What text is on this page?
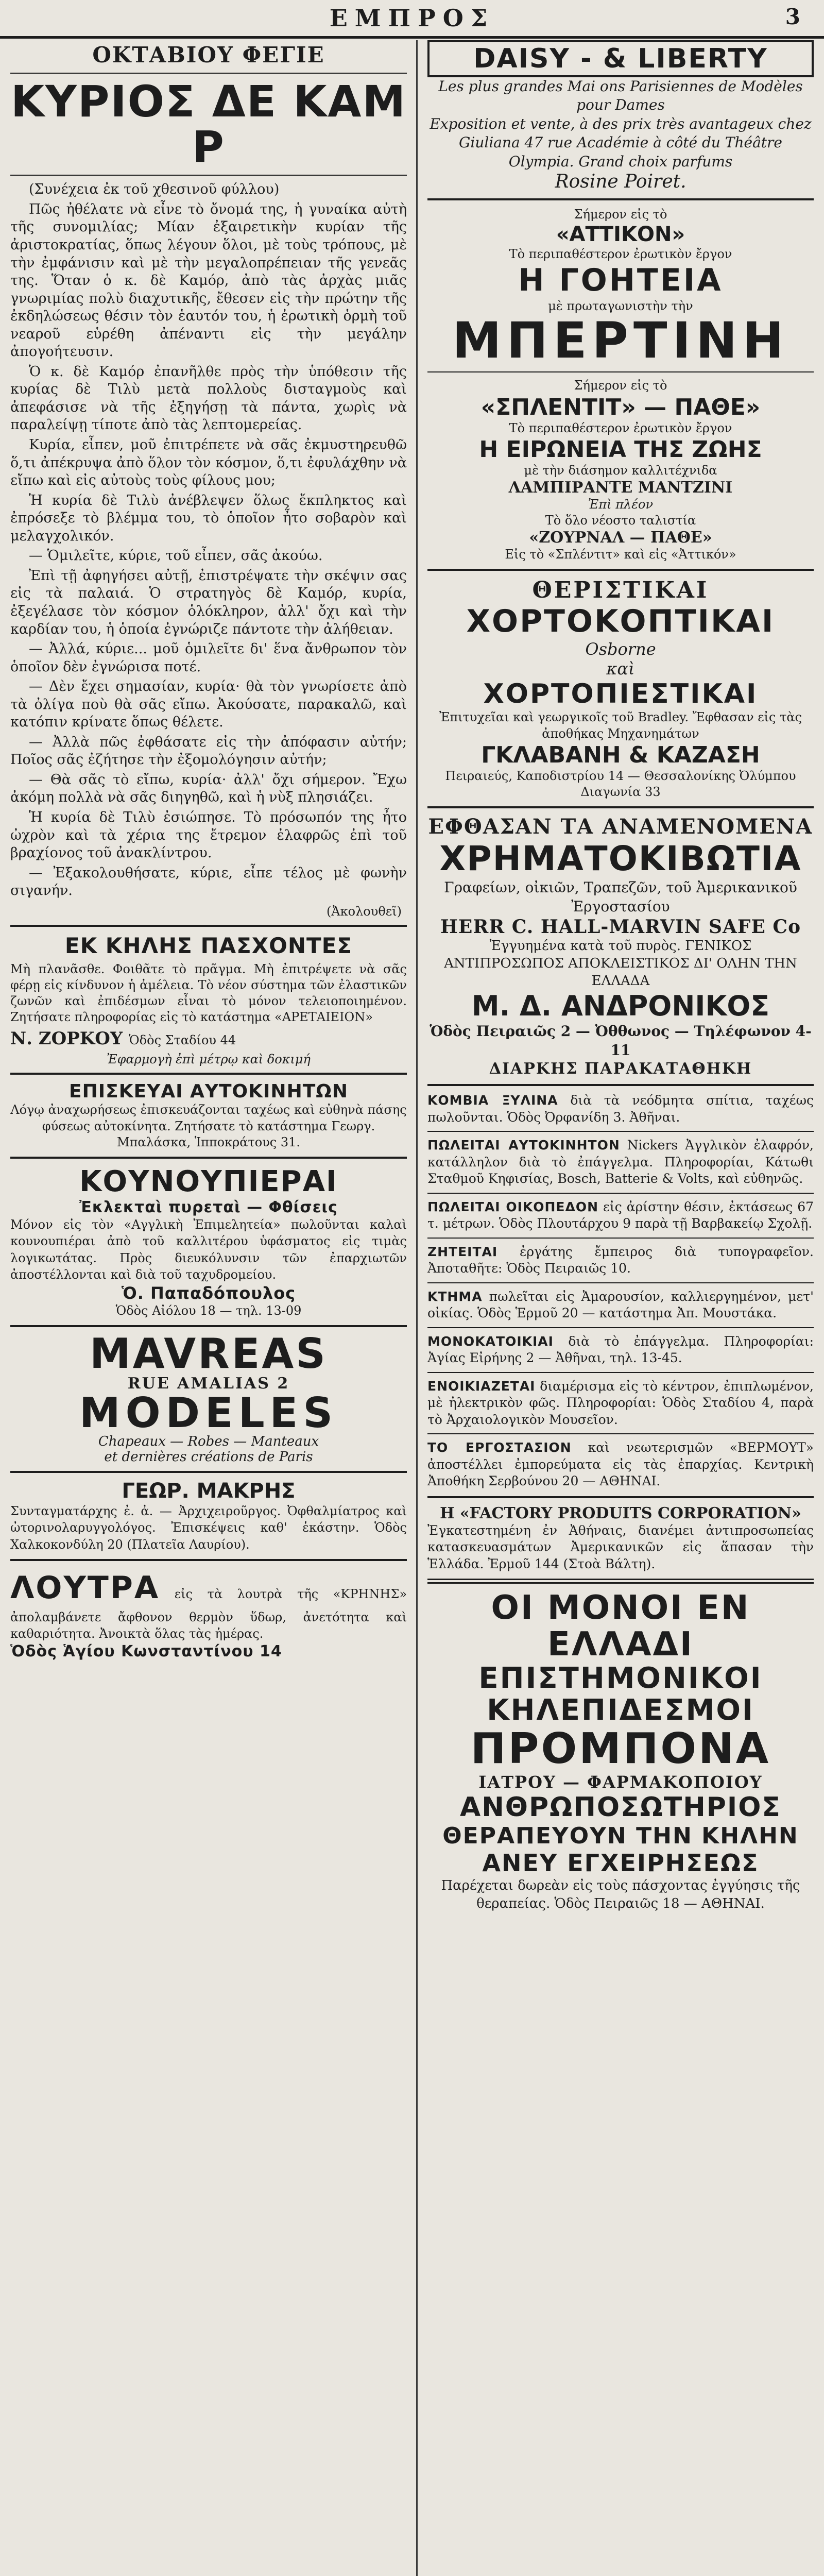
ΕΜΠΡΟΣ	3

ΟΚΤΑΒΙΟΥ ΦΕΓΙΕ

ΚΥΡΙΟΣ ΔΕ ΚΑΜ Ρ

(Συνέχεια ἐκ τοῦ χθεσινοῦ φύλλου)

Πῶς ἠθέλατε νὰ εἶνε τὸ ὄνομά της, ἡ γυναίκα αὐτὴ τῆς συνομιλίας; Μίαν ἐξαιρετικὴν κυρίαν τῆς ἀριστοκρατίας, ὅπως λέγουν ὅλοι, μὲ τοὺς τρόπους, μὲ τὴν ἐμφάνισιν καὶ μὲ τὴν μεγαλοπρέπειαν τῆς γενεᾶς της. Ὅταν ὁ κ. δὲ Καμόρ, ἀπὸ τὰς ἀρχὰς μιᾶς γνωριμίας πολὺ διαχυτικῆς, ἔθεσεν εἰς τὴν πρώτην τῆς ἐκδηλώσεως θέσιν τὸν ἑαυτόν του, ἡ ἐρωτικὴ ὁρμὴ τοῦ νεαροῦ εὑρέθη ἀπέναντι εἰς τὴν μεγάλην ἀπογοήτευσιν.

Ὁ κ. δὲ Καμόρ ἐπανῆλθε πρὸς τὴν ὑπόθεσιν τῆς κυρίας δὲ Τιλὺ μετὰ πολλοὺς δισταγμοὺς καὶ ἀπεφάσισε νὰ τῆς ἐξηγήσῃ τὰ πάντα, χωρὶς νὰ παραλείψῃ τίποτε ἀπὸ τὰς λεπτομερείας.

Κυρία, εἶπεν, μοῦ ἐπιτρέπετε νὰ σᾶς ἐκμυστηρευθῶ ὅ,τι ἀπέκρυψα ἀπὸ ὅλον τὸν κόσμον, ὅ,τι ἐφυλάχθην νὰ εἴπω καὶ εἰς αὐτοὺς τοὺς φίλους μου;

Ἡ κυρία δὲ Τιλὺ ἀνέβλεψεν ὅλως ἔκπληκτος καὶ ἐπρόσεξε τὸ βλέμμα του, τὸ ὁποῖον ἦτο σοβαρὸν καὶ μελαγχολικόν.

— Ὁμιλεῖτε, κύριε, τοῦ εἶπεν, σᾶς ἀκούω.

Ἐπὶ τῇ ἀφηγήσει αὐτῇ, ἐπιστρέψατε τὴν σκέψιν σας εἰς τὰ παλαιά. Ὁ στρατηγὸς δὲ Καμόρ, κυρία, ἐξεγέλασε τὸν κόσμον ὁλόκληρον, ἀλλ' ὄχι καὶ τὴν καρδίαν του, ἡ ὁποία ἐγνώριζε πάντοτε τὴν ἀλήθειαν.

— Ἀλλά, κύριε... μοῦ ὁμιλεῖτε δι' ἕνα ἄνθρωπον τὸν ὁποῖον δὲν ἐγνώρισα ποτέ.

— Δὲν ἔχει σημασίαν, κυρία· θὰ τὸν γνωρίσετε ἀπὸ τὰ ὀλίγα ποὺ θὰ σᾶς εἴπω. Ἀκούσατε, παρακαλῶ, καὶ κατόπιν κρίνατε ὅπως θέλετε.

— Ἀλλὰ πῶς ἐφθάσατε εἰς τὴν ἀπόφασιν αὐτήν; Ποῖος σᾶς ἐζήτησε τὴν ἐξομολόγησιν αὐτήν;

— Θὰ σᾶς τὸ εἴπω, κυρία· ἀλλ' ὄχι σήμερον. Ἔχω ἀκόμη πολλὰ νὰ σᾶς διηγηθῶ, καὶ ἡ νὺξ πλησιάζει.

Ἡ κυρία δὲ Τιλὺ ἐσιώπησε. Τὸ πρόσωπόν της ἦτο ὠχρὸν καὶ τὰ χέρια της ἔτρεμον ἐλαφρῶς ἐπὶ τοῦ βραχίονος τοῦ ἀνακλίντρου.

— Ἐξακολουθήσατε, κύριε, εἶπε τέλος μὲ φωνὴν σιγανήν.

(Ἀκολουθεῖ)

ΕΚ ΚΗΛΗΣ ΠΑΣΧΟΝΤΕΣ

Μὴ πλανᾶσθε. Φοιθᾶτε τὸ πρᾶγμα. Μὴ ἐπιτρέψετε νὰ σᾶς φέρῃ εἰς κίνδυνον ἡ ἀμέλεια. Τὸ νέον σύστημα τῶν ἐλαστικῶν ζωνῶν καὶ ἐπιδέσμων εἶναι τὸ μόνον τελειοποιημένον. Ζητήσατε πληροφορίας εἰς τὸ κατάστημα «ΑΡΕΤΑΙΕΙΟΝ»

Ν. ΖΟΡΚΟΥ Ὁδὸς Σταδίου 44

Ἐφαρμογὴ ἐπὶ μέτρῳ καὶ δοκιμή

ΕΠΙΣΚΕΥΑΙ ΑΥΤΟΚΙΝΗΤΩΝ

Λόγῳ ἀναχωρήσεως ἐπισκευάζονται ταχέως καὶ εὐθηνὰ πάσης φύσεως αὐτοκίνητα. Ζητήσατε τὸ κατάστημα Γεωργ. Μπαλάσκα, Ἱπποκράτους 31.

ΚΟΥΝΟΥΠΙΕΡΑΙ

Ἐκλεκταὶ πυρεταὶ — Φθίσεις

Μόνον εἰς τὸν «Αγγλικὴ Ἐπιμελητεία» πωλοῦνται καλαὶ κουνουπιέραι ἀπὸ τοῦ καλλιτέρου ὑφάσματος εἰς τιμὰς λογικωτάτας. Πρὸς διευκόλυνσιν τῶν ἐπαρχιωτῶν ἀποστέλλονται καὶ διὰ τοῦ ταχυδρομείου.

Ὁ. Παπαδόπουλος

Ὁδὸς Αἰόλου 18 — τηλ. 13-09

MAVREAS

RUE AMALIAS 2

MODELES

Chapeaux — Robes — Manteaux

et dernières créations de Paris

ΓΕΩΡ. ΜΑΚΡΗΣ

Συνταγματάρχης ἐ. ἀ. — Ἀρχιχειροῦργος. Ὀφθαλμίατρος καὶ ὠτορινολαρυγγολόγος. Ἐπισκέψεις καθ' ἑκάστην. Ὁδὸς Χαλκοκονδύλη 20 (Πλατεῖα Λαυρίου).

ΛΟΥΤΡΑ εἰς τὰ λουτρὰ τῆς «ΚΡΗΝΗΣ» ἀπολαμβάνετε ἄφθονον θερμὸν ὕδωρ, ἀνετότητα καὶ καθαριότητα. Ἀνοικτὰ ὅλας τὰς ἡμέρας.

Ὁδὸς Ἁγίου Κωνσταντίνου 14

DAISY - & LIBERTY

Les plus grandes Mai ons Parisiennes de Modèles pour Dames

Exposition et vente, à des prix très avantageux chez

Giuliana 47 rue Académie à côté du Théâtre Olympia. Grand choix parfums

Rosine Poiret.

Σήμερον εἰς τὸ

«ΑΤΤΙΚΟΝ»

Τὸ περιπαθέστερον ἐρωτικὸν ἔργον

Η ΓΟΗΤΕΙΑ

μὲ πρωταγωνιστὴν τὴν

ΜΠΕΡΤΙΝΗ

Σήμερον εἰς τὸ

«ΣΠΛΕΝΤΙΤ» — ΠΑΘΕ»

Τὸ περιπαθέστερον ἐρωτικὸν ἔργον

Η ΕΙΡΩΝΕΙΑ ΤΗΣ ΖΩΗΣ

μὲ τὴν διάσημον καλλιτέχνιδα

ΛΑΜΠΙΡΑΝΤΕ ΜΑΝΤΖΙΝΙ

Ἐπὶ πλέον

Τὸ ὅλο νέοστο ταλιστία

«ΖΟΥΡΝΑΛ — ΠΑΘΕ»

Εἰς τὸ «Σπλέντιτ» καὶ εἰς «Ἀττικόν»

ΘΕΡΙΣΤΙΚΑΙ

ΧΟΡΤΟΚΟΠΤΙΚΑΙ

Osborne

καὶ

ΧΟΡΤΟΠΙΕΣΤΙΚΑΙ

Ἐπιτυχεῖαι καὶ γεωργικοῖς τοῦ Bradley. Ἔφθασαν εἰς τὰς ἀποθήκας Μηχανημάτων

ΓΚΛΑΒΑΝΗ & ΚΑΖΑΣΗ

Πειραιεύς, Καποδιστρίου 14 — Θεσσαλονίκης Ὀλύμπου Διαγωνία 33

ΕΦΘΑΣΑΝ ΤΑ ΑΝΑΜΕΝΟΜΕΝΑ

ΧΡΗΜΑΤΟΚΙΒΩΤΙΑ

Γραφείων, οἰκιῶν, Τραπεζῶν, τοῦ Ἀμερικανικοῦ Ἐργοστασίου

HERR C. HALL-MARVIN SAFE Co

Ἐγγυημένα κατὰ τοῦ πυρὸς. ΓΕΝΙΚΟΣ ΑΝΤΙΠΡΟΣΩΠΟΣ ΑΠΟΚΛΕΙΣΤΙΚΟΣ ΔΙ' ΟΛΗΝ ΤΗΝ ΕΛΛΑΔΑ

Μ. Δ. ΑΝΔΡΟΝΙΚΟΣ

Ὁδὸς Πειραιῶς 2 — Ὀθθωνος — Τηλέφωνον 4-11

ΔΙΑΡΚΗΣ ΠΑΡΑΚΑΤΑΘΗΚΗ

ΚΟΜΒΙΑ ΞΥΛΙΝΑ διὰ τὰ νεόδμητα σπίτια, ταχέως πωλοῦνται. Ὁδὸς Ὀρφανίδη 3. Ἀθῆναι.

ΠΩΛΕΙΤΑΙ ΑΥΤΟΚΙΝΗΤΟΝ Nickers Ἀγγλικὸν ἐλαφρόν, κατάλληλον διὰ τὸ ἐπάγγελμα. Πληροφορίαι, Κάτωθι Σταθμοῦ Κηφισίας, Bosch, Batterie & Volts, καὶ εὐθηνῶς.

ΠΩΛΕΙΤΑΙ ΟΙΚΟΠΕΔΟΝ εἰς ἀρίστην θέσιν, ἐκτάσεως 67 τ. μέτρων. Ὁδὸς Πλουτάρχου 9 παρὰ τῇ Βαρβακείῳ Σχολῇ.

ΖΗΤΕΙΤΑΙ ἐργάτης ἔμπειρος διὰ τυπογραφεῖον. Ἀποταθῆτε: Ὁδὸς Πειραιῶς 10.

ΚΤΗΜΑ πωλεῖται εἰς Ἀμαρουσίον, καλλιεργημένον, μετ' οἰκίας. Ὁδὸς Ἑρμοῦ 20 — κατάστημα Ἀπ. Μουστάκα.

ΜΟΝΟΚΑΤΟΙΚΙΑΙ διὰ τὸ ἐπάγγελμα. Πληροφορίαι: Ἀγίας Εἰρήνης 2 — Ἀθῆναι, τηλ. 13-45.

ΕΝΟΙΚΙΑΖΕΤΑΙ διαμέρισμα εἰς τὸ κέντρον, ἐπιπλωμένον, μὲ ἠλεκτρικὸν φῶς. Πληροφορίαι: Ὁδὸς Σταδίου 4, παρὰ τὸ Ἀρχαιολογικὸν Μουσεῖον.

ΤΟ ΕΡΓΟΣΤΑΣΙΟΝ καὶ νεωτερισμῶν «ΒΕΡΜΟΥΤ» ἀποστέλλει ἐμπορεύματα εἰς τὰς ἐπαρχίας. Κεντρικὴ Ἀποθήκη Σερβούνου 20 — ΑΘΗΝΑΙ.

Η «FACTORY PRODUITS CORPORATION»

Ἐγκατεστημένη ἐν Ἀθήναις, διανέμει ἀντιπροσωπείας κατασκευασμάτων Ἀμερικανικῶν εἰς ἅπασαν τὴν Ἑλλάδα. Ἐρμοῦ 144 (Στοὰ Βάλτη).

ΟΙ ΜΟΝΟΙ ΕΝ ΕΛΛΑΔΙ

ΕΠΙΣΤΗΜΟΝΙΚΟΙ ΚΗΛΕΠΙΔΕΣΜΟΙ

ΠΡΟΜΠΟΝΑ

ΙΑΤΡΟΥ — ΦΑΡΜΑΚΟΠΟΙΟΥ

ΑΝΘΡΩΠΟΣΩΤΗΡΙΟΣ

ΘΕΡΑΠΕΥΟΥΝ ΤΗΝ ΚΗΛΗΝ

ΑΝΕΥ ΕΓΧΕΙΡΗΣΕΩΣ

Παρέχεται δωρεὰν εἰς τοὺς πάσχοντας ἐγγύησις τῆς θεραπείας. Ὁδὸς Πειραιῶς 18 — ΑΘΗΝΑΙ.
